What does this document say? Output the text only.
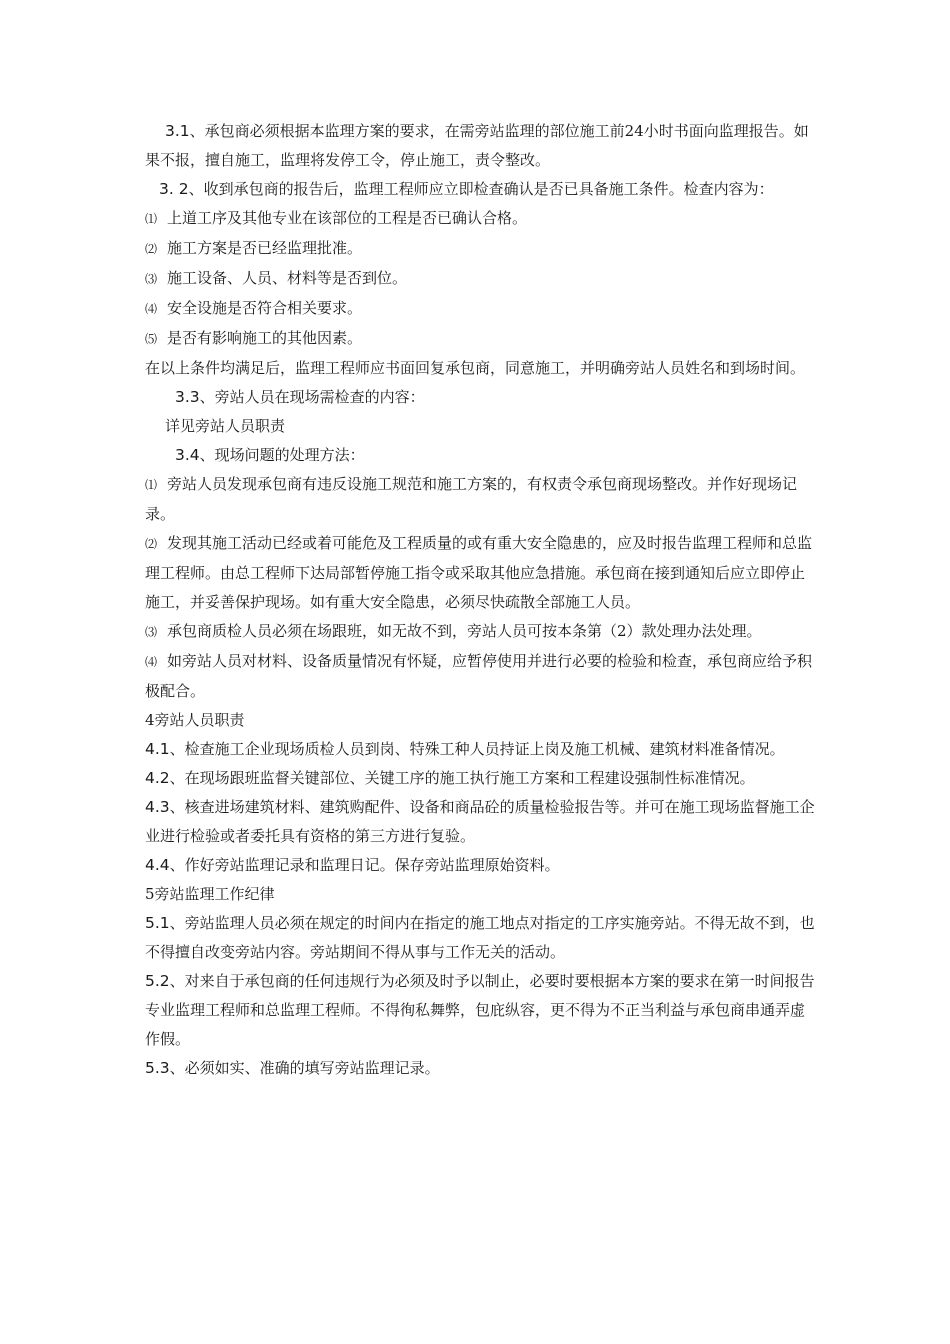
3.1、承包商必须根据本监理方案的要求，在需旁站监理的部位施工前24小时书面向监理报告。如果不报，擅自施工，监理将发停工令，停止施工，责令整改。

3. 2、收到承包商的报告后，监理工程师应立即检查确认是否已具备施工条件。检查内容为：

⑴ 上道工序及其他专业在该部位的工程是否已确认合格。

⑵ 施工方案是否已经监理批准。

⑶ 施工设备、人员、材料等是否到位。

⑷ 安全设施是否符合相关要求。

⑸ 是否有影响施工的其他因素。

在以上条件均满足后，监理工程师应书面回复承包商，同意施工，并明确旁站人员姓名和到场时间。

3.3、旁站人员在现场需检查的内容：

详见旁站人员职责

3.4、现场问题的处理方法：

⑴ 旁站人员发现承包商有违反设施工规范和施工方案的，有权责令承包商现场整改。并作好现场记录。

⑵ 发现其施工活动已经或着可能危及工程质量的或有重大安全隐患的，应及时报告监理工程师和总监理工程师。由总工程师下达局部暂停施工指令或采取其他应急措施。承包商在接到通知后应立即停止施工，并妥善保护现场。如有重大安全隐患，必须尽快疏散全部施工人员。

⑶ 承包商质检人员必须在场跟班，如无故不到，旁站人员可按本条第（2）款处理办法处理。

⑷ 如旁站人员对材料、设备质量情况有怀疑，应暂停使用并进行必要的检验和检查，承包商应给予积极配合。

4旁站人员职责

4.1、检查施工企业现场质检人员到岗、特殊工种人员持证上岗及施工机械、建筑材料准备情况。

4.2、在现场跟班监督关键部位、关键工序的施工执行施工方案和工程建设强制性标准情况。

4.3、核查进场建筑材料、建筑购配件、设备和商品砼的质量检验报告等。并可在施工现场监督施工企业进行检验或者委托具有资格的第三方进行复验。

4.4、作好旁站监理记录和监理日记。保存旁站监理原始资料。

5旁站监理工作纪律

5.1、旁站监理人员必须在规定的时间内在指定的施工地点对指定的工序实施旁站。不得无故不到，也不得擅自改变旁站内容。旁站期间不得从事与工作无关的活动。

5.2、对来自于承包商的任何违规行为必须及时予以制止，必要时要根据本方案的要求在第一时间报告专业监理工程师和总监理工程师。不得徇私舞弊，包庇纵容，更不得为不正当利益与承包商串通弄虚作假。

5.3、必须如实、准确的填写旁站监理记录。
